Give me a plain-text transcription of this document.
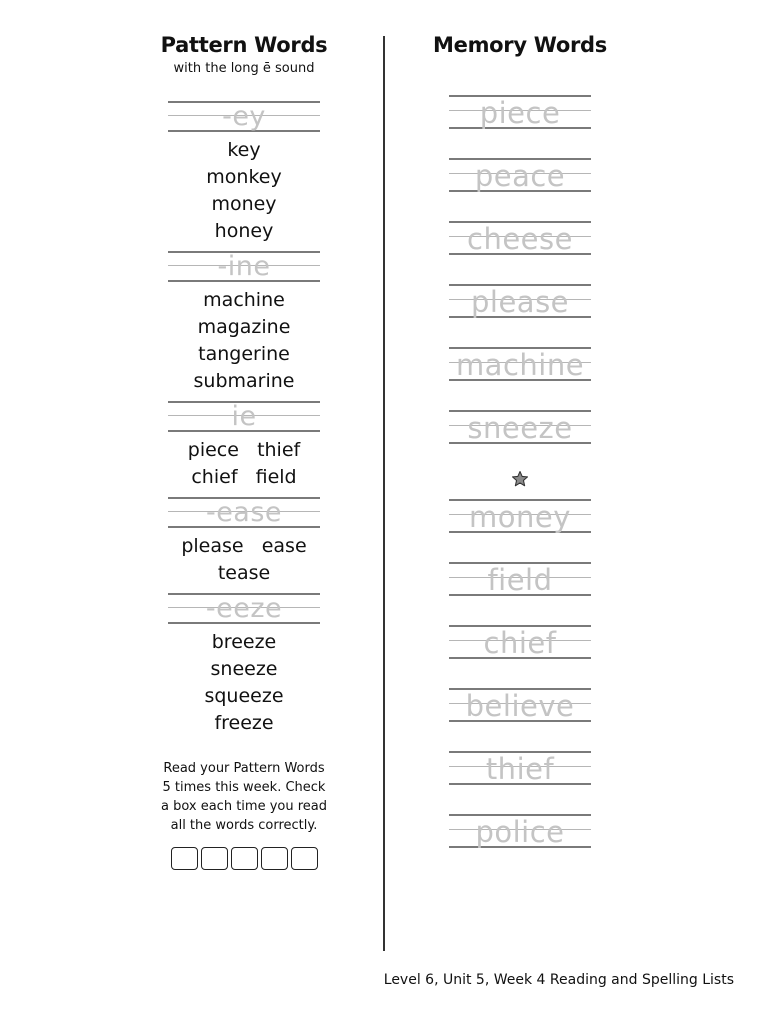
Pattern Words
with the long ē sound
-ey
key
monkey
money
honey
-ine
machine
magazine
tangerine
submarine
ie
piece   thief
chief   field
-ease
please   ease
tease
-eeze
breeze
sneeze
squeeze
freeze
Read your Pattern Words
5 times this week. Check
a box each time you read
all the words correctly.
Memory Words
piece
peace
cheese
please
machine
sneeze
money
field
chief
believe
thief
police
Level 6, Unit 5, Week 4 Reading and Spelling Lists
